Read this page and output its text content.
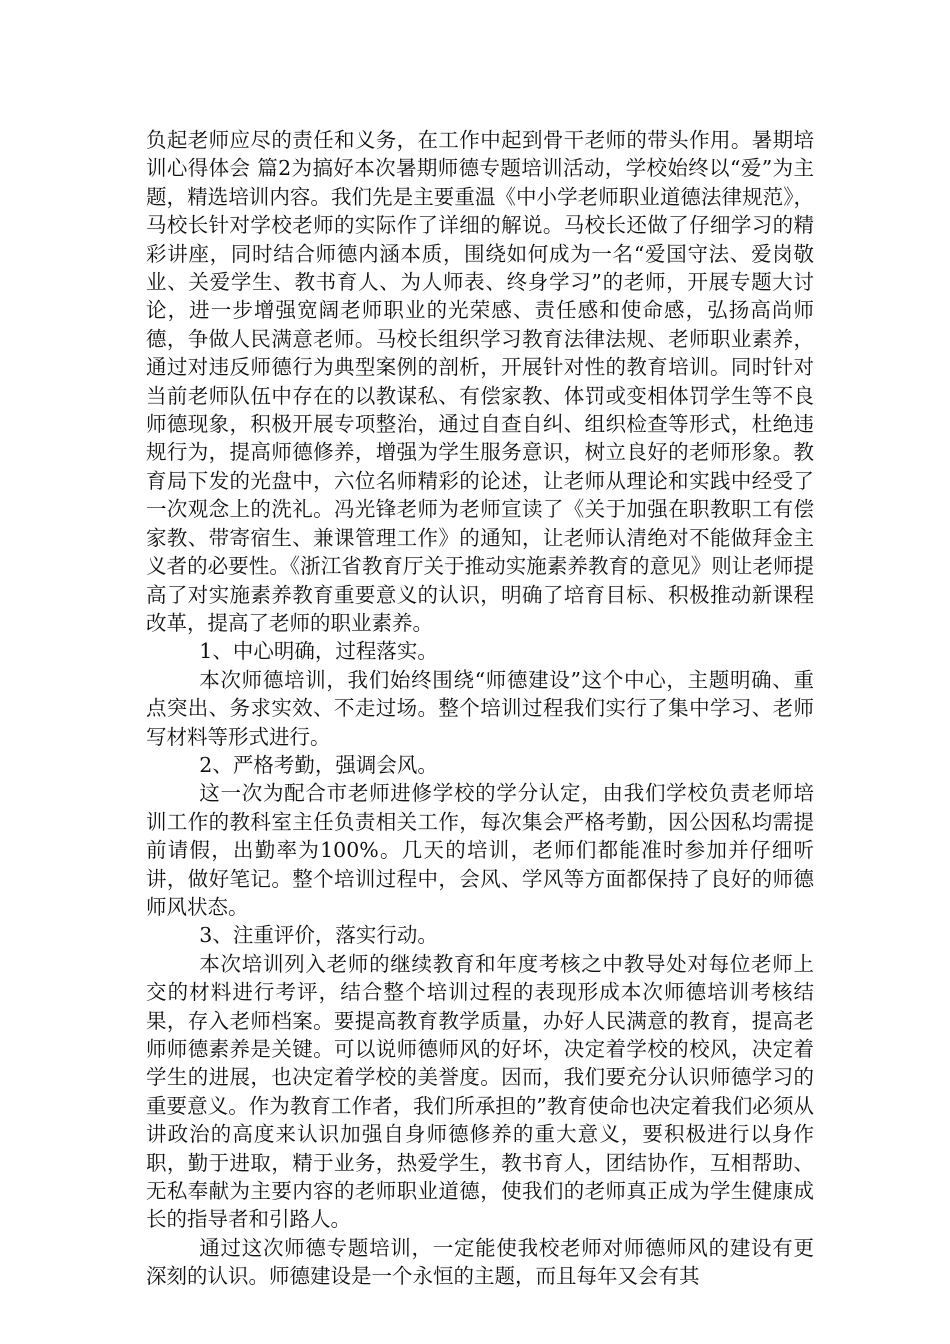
负起老师应尽的责任和义务，在工作中起到骨干老师的带头作用。暑期培训心得体会 篇2为搞好本次暑期师德专题培训活动，学校始终以“爱”为主题，精选培训内容。我们先是主要重温《中小学老师职业道德法律规范》，马校长针对学校老师的实际作了详细的解说。马校长还做了仔细学习的精彩讲座，同时结合师德内涵本质，围绕如何成为一名“爱国守法、爱岗敬业、关爱学生、教书育人、为人师表、终身学习”的老师，开展专题大讨论，进一步增强宽阔老师职业的光荣感、责任感和使命感，弘扬高尚师德，争做人民满意老师。马校长组织学习教育法律法规、老师职业素养，通过对违反师德行为典型案例的剖析，开展针对性的教育培训。同时针对当前老师队伍中存在的以教谋私、有偿家教、体罚或变相体罚学生等不良师德现象，积极开展专项整治，通过自查自纠、组织检查等形式，杜绝违规行为，提高师德修养，增强为学生服务意识，树立良好的老师形象。教育局下发的光盘中，六位名师精彩的论述，让老师从理论和实践中经受了一次观念上的洗礼。冯光锋老师为老师宣读了《关于加强在职教职工有偿家教、带寄宿生、兼课管理工作》的通知，让老师认清绝对不能做拜金主义者的必要性。《浙江省教育厅关于推动实施素养教育的意见》则让老师提高了对实施素养教育重要意义的认识，明确了培育目标、积极推动新课程改革，提高了老师的职业素养。

1、中心明确，过程落实。

本次师德培训，我们始终围绕“师德建设”这个中心，主题明确、重点突出、务求实效、不走过场。整个培训过程我们实行了集中学习、老师写材料等形式进行。

2、严格考勤，强调会风。

这一次为配合市老师进修学校的学分认定，由我们学校负责老师培训工作的教科室主任负责相关工作，每次集会严格考勤，因公因私均需提前请假，出勤率为100%。几天的培训，老师们都能准时参加并仔细听讲，做好笔记。整个培训过程中，会风、学风等方面都保持了良好的师德师风状态。

3、注重评价，落实行动。

本次培训列入老师的继续教育和年度考核之中教导处对每位老师上交的材料进行考评，结合整个培训过程的表现形成本次师德培训考核结果，存入老师档案。要提高教育教学质量，办好人民满意的教育，提高老师师德素养是关键。可以说师德师风的好坏，决定着学校的校风，决定着学生的进展，也决定着学校的美誉度。因而，我们要充分认识师德学习的重要意义。作为教育工作者，我们所承担的”教育使命也决定着我们必须从讲政治的高度来认识加强自身师德修养的重大意义，要积极进行以身作职，勤于进取，精于业务，热爱学生，教书育人，团结协作，互相帮助、无私奉献为主要内容的老师职业道德，使我们的老师真正成为学生健康成长的指导者和引路人。

通过这次师德专题培训，一定能使我校老师对师德师风的建设有更深刻的认识。师德建设是一个永恒的主题，而且每年又会有其
